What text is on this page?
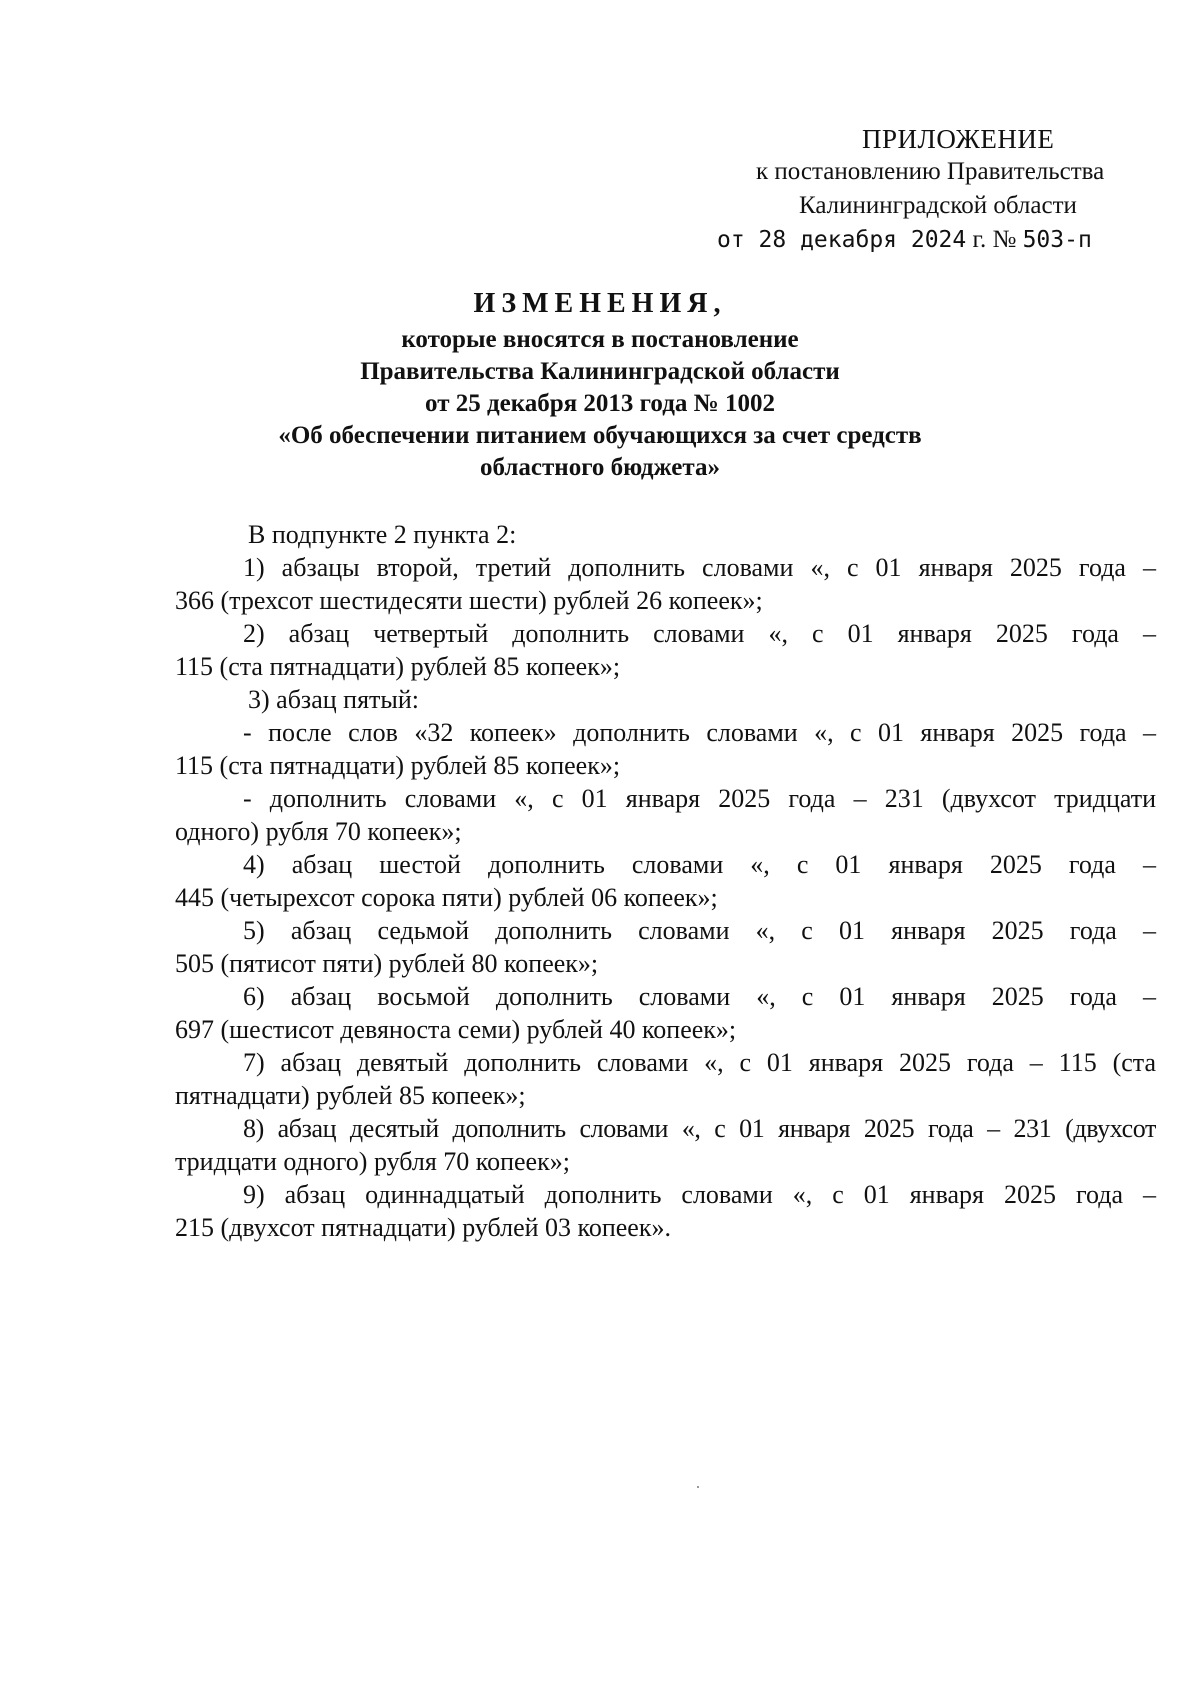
ПРИЛОЖЕНИЕ
к постановлению Правительства
Калининградской области
от 28 декабря 2024 г. № 503-п
ИЗМЕНЕНИЯ,
которые вносятся в постановление
Правительства Калининградской области
от 25 декабря 2013 года № 1002
«Об обеспечении питанием обучающихся за счет средств
областного бюджета»
В подпункте 2 пункта 2:
1) абзацы второй, третий дополнить словами «, с 01 января 2025 года –
366 (трехсот шестидесяти шести) рублей 26 копеек»;
2) абзац четвертый дополнить словами «, с 01 января 2025 года –
115 (ста пятнадцати) рублей 85 копеек»;
3) абзац пятый:
- после слов «32 копеек» дополнить словами «, с 01 января 2025 года –
115 (ста пятнадцати) рублей 85 копеек»;
- дополнить словами «, с 01 января 2025 года – 231 (двухсот тридцати
одного) рубля 70 копеек»;
4) абзац шестой дополнить словами «, с 01 января 2025 года –
445 (четырехсот сорока пяти) рублей 06 копеек»;
5) абзац седьмой дополнить словами «, с 01 января 2025 года –
505 (пятисот пяти) рублей 80 копеек»;
6) абзац восьмой дополнить словами «, с 01 января 2025 года –
697 (шестисот девяноста семи) рублей 40 копеек»;
7) абзац девятый дополнить словами «, с 01 января 2025 года – 115 (ста
пятнадцати) рублей 85 копеек»;
8) абзац десятый дополнить словами «, с 01 января 2025 года – 231 (двухсот
тридцати одного) рубля 70 копеек»;
9) абзац одиннадцатый дополнить словами «, с 01 января 2025 года –
215 (двухсот пятнадцати) рублей 03 копеек».
